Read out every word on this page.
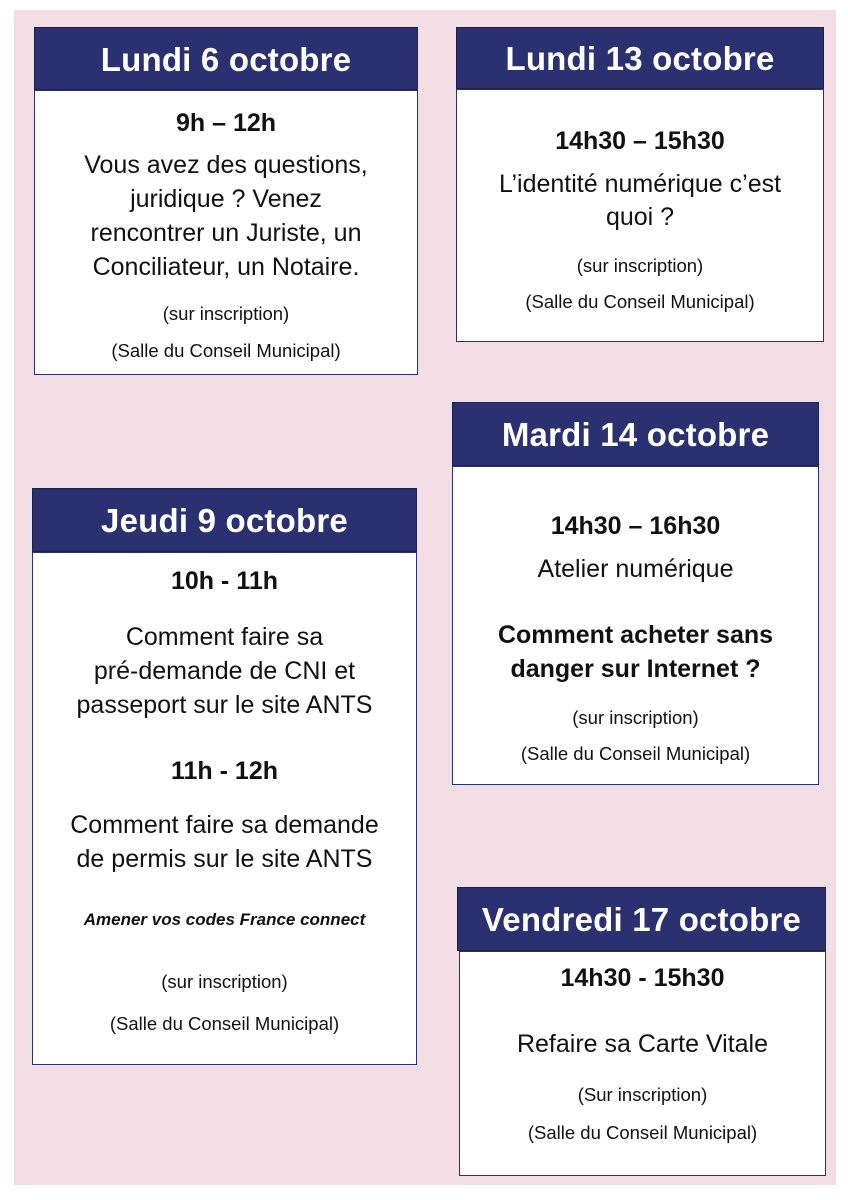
Lundi 6 octobre
9h – 12h
Vous avez des questions,
juridique ? Venez
rencontrer un Juriste, un
Conciliateur, un Notaire.
(sur inscription)
(Salle du Conseil Municipal)
Lundi 13 octobre
14h30 – 15h30
L’identité numérique c’est
quoi ?
(sur inscription)
(Salle du Conseil Municipal)
Mardi 14 octobre
14h30 – 16h30
Atelier numérique
Comment acheter sans
danger sur Internet ?
(sur inscription)
(Salle du Conseil Municipal)
Jeudi 9 octobre
10h - 11h
Comment faire sa
pré-demande de CNI et
passeport sur le site ANTS
11h - 12h
Comment faire sa demande
de permis sur le site ANTS
Amener vos codes France connect
(sur inscription)
(Salle du Conseil Municipal)
Vendredi 17 octobre
14h30 - 15h30
Refaire sa Carte Vitale
(Sur inscription)
(Salle du Conseil Municipal)
